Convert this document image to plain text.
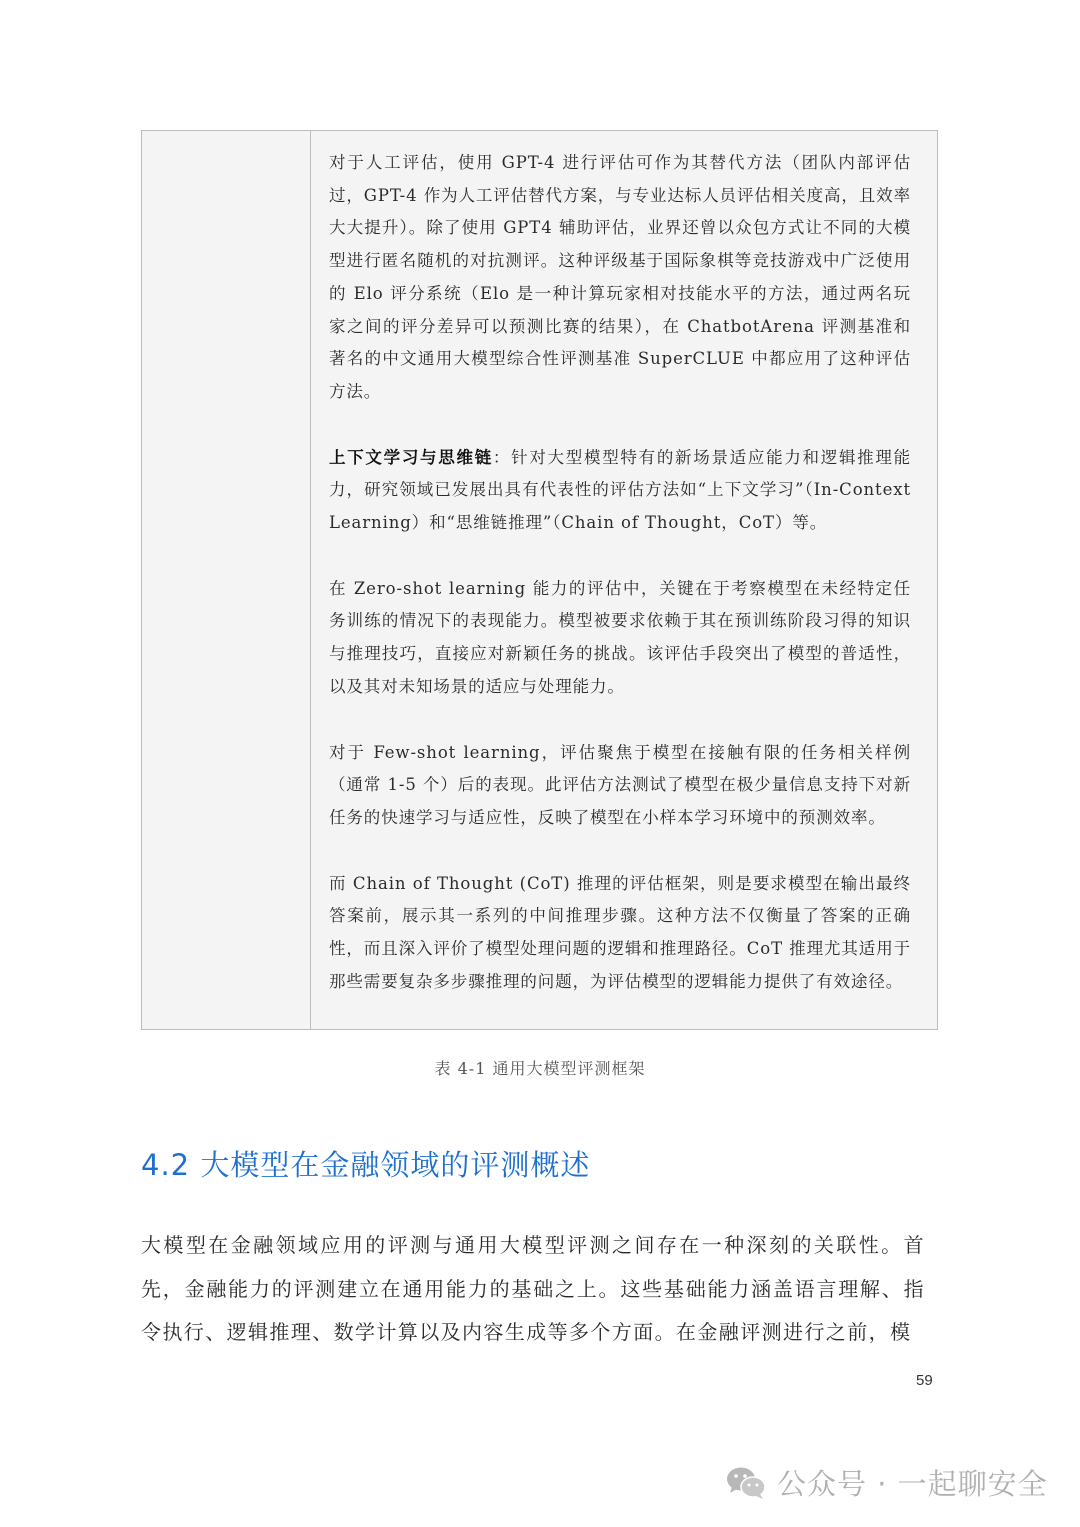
对于人工评估，使用 GPT-4 进行评估可作为其替代方法（团队内部评估过，GPT-4 作为人工评估替代方案，与专业达标人员评估相关度高，且效率大大提升）。除了使用 GPT4 辅助评估，业界还曾以众包方式让不同的大模型进行匿名随机的对抗测评。这种评级基于国际象棋等竞技游戏中广泛使用的 Elo 评分系统（Elo 是一种计算玩家相对技能水平的方法，通过两名玩家之间的评分差异可以预测比赛的结果），在 ChatbotArena 评测基准和著名的中文通用大模型综合性评测基准 SuperCLUE 中都应用了这种评估方法。

上下文学习与思维链：针对大型模型特有的新场景适应能力和逻辑推理能力，研究领域已发展出具有代表性的评估方法如“上下文学习”（In-Context Learning）和“思维链推理”（Chain of Thought，CoT）等。

在 Zero-shot learning 能力的评估中，关键在于考察模型在未经特定任务训练的情况下的表现能力。模型被要求依赖于其在预训练阶段习得的知识与推理技巧，直接应对新颖任务的挑战。该评估手段突出了模型的普适性，以及其对未知场景的适应与处理能力。

对于 Few-shot learning，评估聚焦于模型在接触有限的任务相关样例（通常 1-5 个）后的表现。此评估方法测试了模型在极少量信息支持下对新任务的快速学习与适应性，反映了模型在小样本学习环境中的预测效率。

而 Chain of Thought (CoT) 推理的评估框架，则是要求模型在输出最终答案前，展示其一系列的中间推理步骤。这种方法不仅衡量了答案的正确性，而且深入评价了模型处理问题的逻辑和推理路径。CoT 推理尤其适用于那些需要复杂多步骤推理的问题，为评估模型的逻辑能力提供了有效途径。

表 4-1 通用大模型评测框架
4.2 大模型在金融领域的评测概述

大模型在金融领域应用的评测与通用大模型评测之间存在一种深刻的关联性。首先，金融能力的评测建立在通用能力的基础之上。这些基础能力涵盖语言理解、指令执行、逻辑推理、数学计算以及内容生成等多个方面。在金融评测进行之前，模

59
公众号 · 一起聊安全
